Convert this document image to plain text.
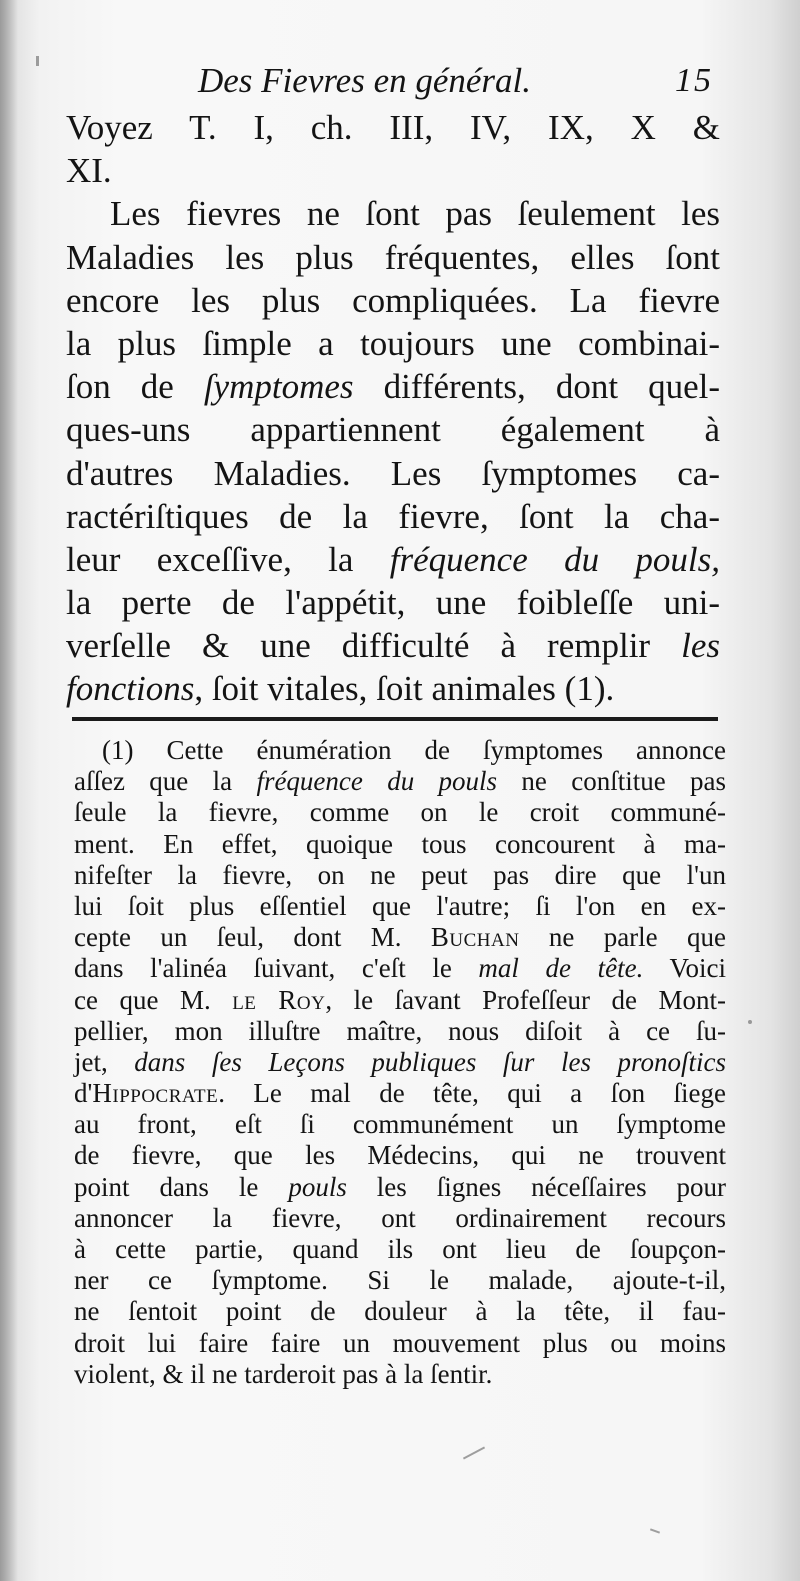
Des Fievres en général.	15
Voyez T. I, ch. III, IV, IX, X &
XI.
Les fievres ne ſont pas ſeulement les
Maladies les plus fréquentes, elles ſont
encore les plus compliquées. La fievre
la plus ſimple a toujours une combinai-
ſon de ſymptomes différents, dont quel-
ques-uns appartiennent également à
d'autres Maladies. Les ſymptomes ca-
ractériſtiques de la fievre, ſont la cha-
leur exceſſive, la fréquence du pouls,
la perte de l'appétit, une foibleſſe uni-
verſelle & une difficulté à remplir les
fonctions, ſoit vitales, ſoit animales (1).
(1) Cette énumération de ſymptomes annonce
aſſez que la fréquence du pouls ne conſtitue pas
ſeule la fievre, comme on le croit communé-
ment. En effet, quoique tous concourent à ma-
nifeſter la fievre, on ne peut pas dire que l'un
lui ſoit plus eſſentiel que l'autre; ſi l'on en ex-
cepte un ſeul, dont M. Buchan ne parle que
dans l'alinéa ſuivant, c'eſt le mal de tête. Voici
ce que M. le Roy, le ſavant Profeſſeur de Mont-
pellier, mon illuſtre maître, nous diſoit à ce ſu-
jet, dans ſes Leçons publiques ſur les pronoſtics
d'Hippocrate. Le mal de tête, qui a ſon ſiege
au front, eſt ſi communément un ſymptome
de fievre, que les Médecins, qui ne trouvent
point dans le pouls les ſignes néceſſaires pour
annoncer la fievre, ont ordinairement recours
à cette partie, quand ils ont lieu de ſoupçon-
ner ce ſymptome. Si le malade, ajoute-t-il,
ne ſentoit point de douleur à la tête, il fau-
droit lui faire faire un mouvement plus ou moins
violent, & il ne tarderoit pas à la ſentir.
